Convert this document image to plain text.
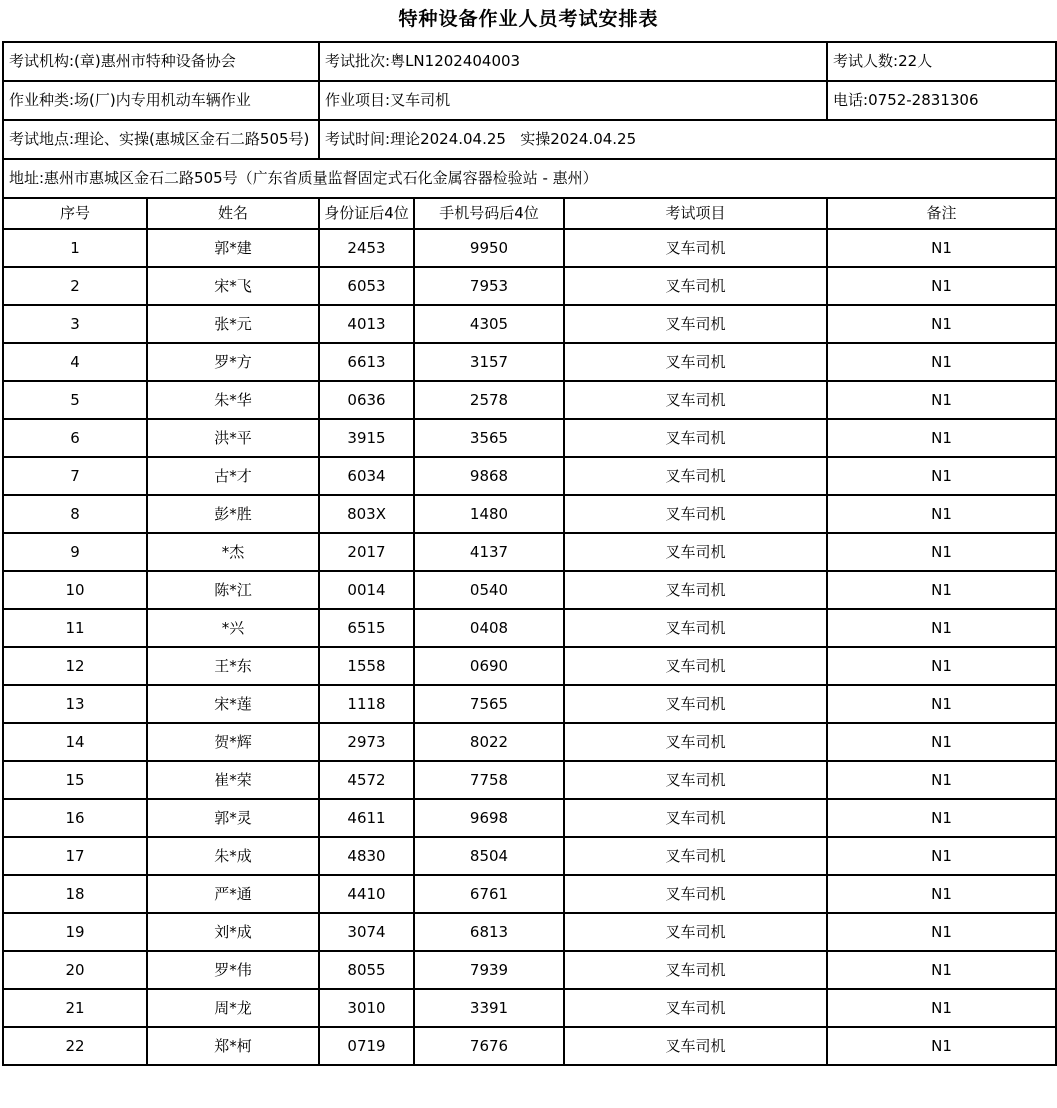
特种设备作业人员考试安排表
考试机构:(章)惠州市特种设备协会		考试批次:粤LN1202404003			考试人数:22人
作业种类:场(厂)内专用机动车辆作业		作业项目:叉车司机			电话:0752-2831306
考试地点:理论、实操(惠城区金石二路505号)		考试时间:理论2024.04.25   实操2024.04.25			
地址:惠州市惠城区金石二路505号（广东省质量监督固定式石化金属容器检验站 - 惠州）					
序号	姓名	身份证后4位	手机号码后4位	考试项目	备注
1	郭*建	2453	9950	叉车司机	N1
2	宋*飞	6053	7953	叉车司机	N1
3	张*元	4013	4305	叉车司机	N1
4	罗*方	6613	3157	叉车司机	N1
5	朱*华	0636	2578	叉车司机	N1
6	洪*平	3915	3565	叉车司机	N1
7	古*才	6034	9868	叉车司机	N1
8	彭*胜	803X	1480	叉车司机	N1
9	*杰	2017	4137	叉车司机	N1
10	陈*江	0014	0540	叉车司机	N1
11	*兴	6515	0408	叉车司机	N1
12	王*东	1558	0690	叉车司机	N1
13	宋*莲	1118	7565	叉车司机	N1
14	贺*辉	2973	8022	叉车司机	N1
15	崔*荣	4572	7758	叉车司机	N1
16	郭*灵	4611	9698	叉车司机	N1
17	朱*成	4830	8504	叉车司机	N1
18	严*通	4410	6761	叉车司机	N1
19	刘*成	3074	6813	叉车司机	N1
20	罗*伟	8055	7939	叉车司机	N1
21	周*龙	3010	3391	叉车司机	N1
22	郑*柯	0719	7676	叉车司机	N1
